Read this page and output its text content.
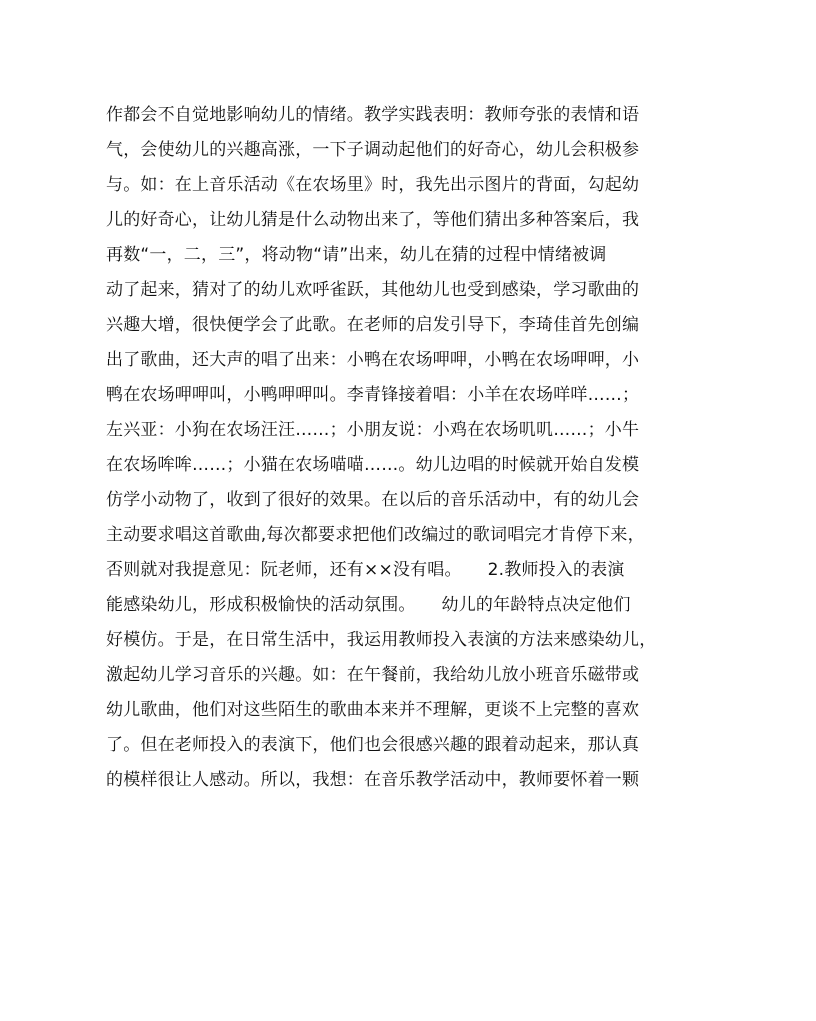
作都会不自觉地影响幼儿的情绪。教学实践表明：教师夸张的表情和语
气，会使幼儿的兴趣高涨，一下子调动起他们的好奇心，幼儿会积极参
与。如：在上音乐活动《在农场里》时，我先出示图片的背面，勾起幼
儿的好奇心，让幼儿猜是什么动物出来了，等他们猜出多种答案后，我
再数“一，二，三”，将动物“请”出来，幼儿在猜的过程中情绪被调
动了起来，猜对了的幼儿欢呼雀跃，其他幼儿也受到感染，学习歌曲的
兴趣大增，很快便学会了此歌。在老师的启发引导下，李琦佳首先创编
出了歌曲，还大声的唱了出来：小鸭在农场呷呷，小鸭在农场呷呷，小
鸭在农场呷呷叫，小鸭呷呷叫。李青锋接着唱：小羊在农场咩咩……；
左兴亚：小狗在农场汪汪……；小朋友说：小鸡在农场叽叽……；小牛
在农场哞哞……；小猫在农场喵喵……。幼儿边唱的时候就开始自发模
仿学小动物了，收到了很好的效果。在以后的音乐活动中，有的幼儿会
主动要求唱这首歌曲,每次都要求把他们改编过的歌词唱完才肯停下来，
否则就对我提意见：阮老师，还有××没有唱。　　2.教师投入的表演
能感染幼儿，形成积极愉快的活动氛围。　　幼儿的年龄特点决定他们
好模仿。于是，在日常生活中，我运用教师投入表演的方法来感染幼儿，
激起幼儿学习音乐的兴趣。如：在午餐前，我给幼儿放小班音乐磁带或
幼儿歌曲，他们对这些陌生的歌曲本来并不理解，更谈不上完整的喜欢
了。但在老师投入的表演下，他们也会很感兴趣的跟着动起来，那认真
的模样很让人感动。所以，我想：在音乐教学活动中，教师要怀着一颗
